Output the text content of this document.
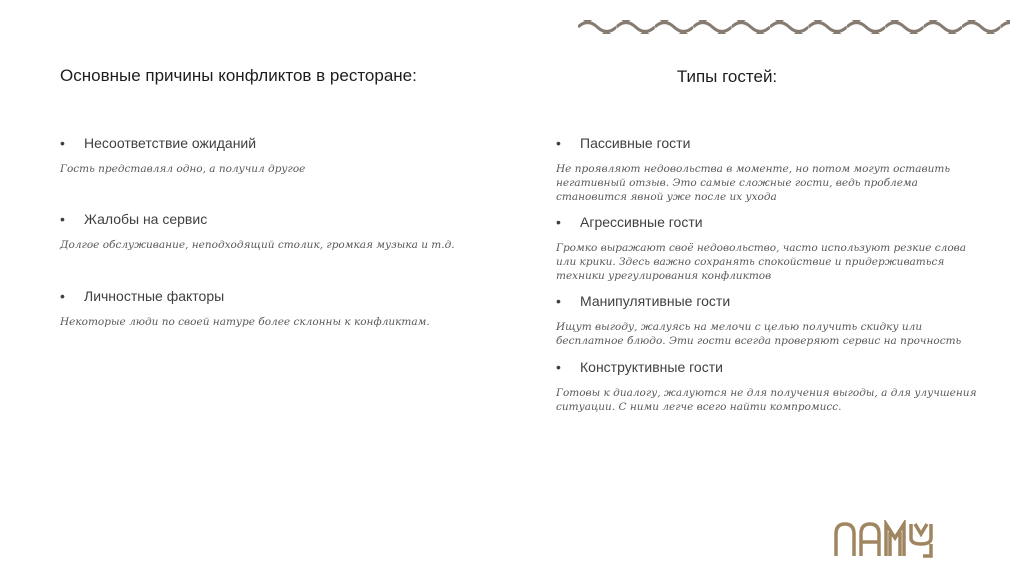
Основные причины конфликтов в ресторане:	Типы гостей:
• Несоответствие ожиданий
Гость представлял одно, а получил другое
• Жалобы на сервис
Долгое обслуживание, неподходящий столик, громкая музыка и т.д.
• Личностные факторы
Некоторые люди по своей натуре более склонны к конфликтам.
• Пассивные гости
Не проявляют недовольства в моменте, но потом могут оставить негативный отзыв. Это самые сложные гости, ведь проблема становится явной уже после их ухода
• Агрессивные гости
Громко выражают своё недовольство, часто используют резкие слова или крики. Здесь важно сохранять спокойствие и придерживаться техники урегулирования конфликтов
• Манипулятивные гости
Ищут выгоду, жалуясь на мелочи с целью получить скидку или бесплатное блюдо. Эти гости всегда проверяют сервис на прочность
• Конструктивные гости
Готовы к диалогу, жалуются не для получения выгоды, а для улучшения ситуации. С ними легче всего найти компромисс.
